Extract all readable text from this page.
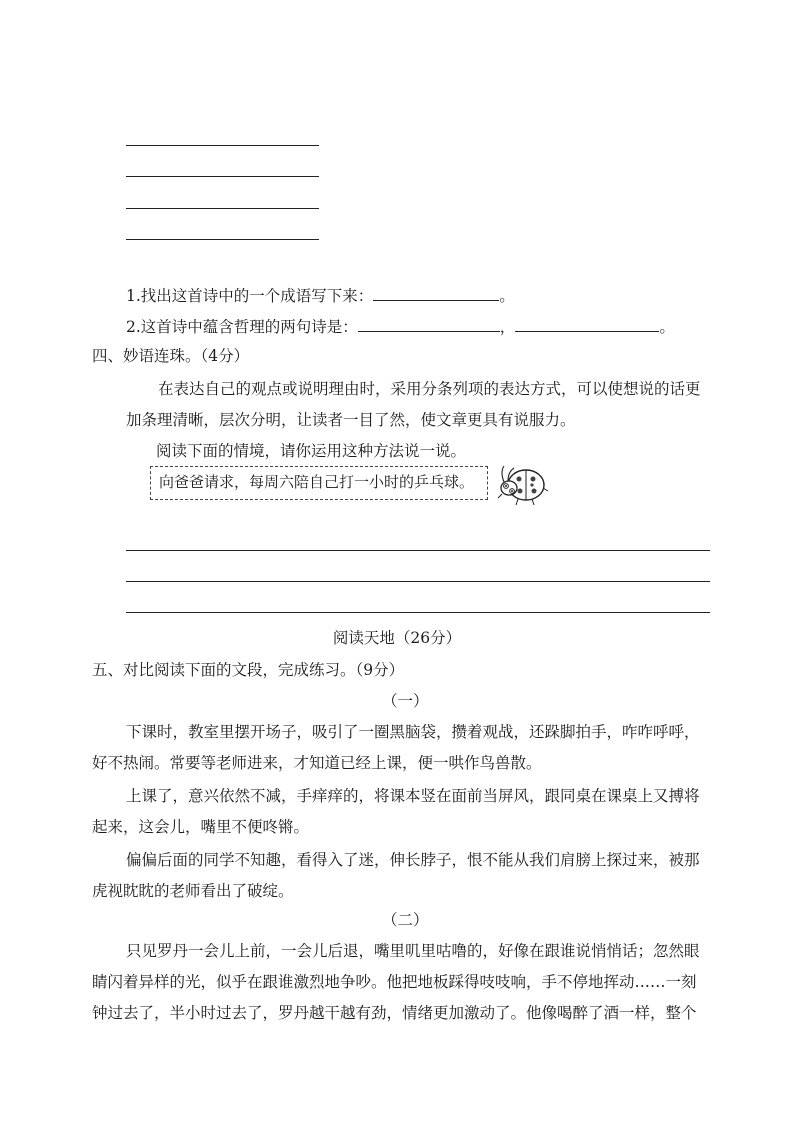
1.找出这首诗中的一个成语写下来：	。
2.这首诗中蕴含哲理的两句诗是：	，	。
四、妙语连珠。（4分）
在表达自己的观点或说明理由时，采用分条列项的表达方式，可以使想说的话更
加条理清晰，层次分明，让读者一目了然，使文章更具有说服力。
阅读下面的情境，请你运用这种方法说一说。
向爸爸请求，每周六陪自己打一小时的乒乓球。
阅读天地（26分）
五、对比阅读下面的文段，完成练习。（9分）
（一）
下课时，教室里摆开场子，吸引了一圈黑脑袋，攒着观战，还跺脚拍手，咋咋呼呼，
好不热闹。常要等老师进来，才知道已经上课，便一哄作鸟兽散。
上课了，意兴依然不减，手痒痒的，将课本竖在面前当屏风，跟同桌在课桌上又搏将
起来，这会儿，嘴里不便咚锵。
偏偏后面的同学不知趣，看得入了迷，伸长脖子，恨不能从我们肩膀上探过来，被那
虎视眈眈的老师看出了破绽。
（二）
只见罗丹一会儿上前，一会儿后退，嘴里叽里咕噜的，好像在跟谁说悄悄话；忽然眼
睛闪着异样的光，似乎在跟谁激烈地争吵。他把地板踩得吱吱响，手不停地挥动……一刻
钟过去了，半小时过去了，罗丹越干越有劲，情绪更加激动了。他像喝醉了酒一样，整个
